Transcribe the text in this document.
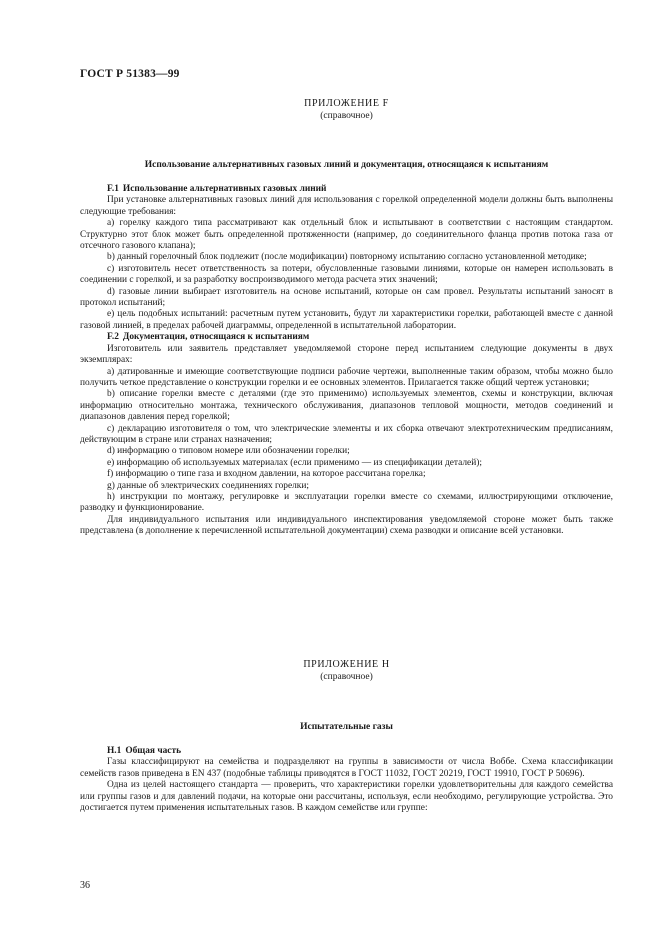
ГОСТ Р 51383—99
ПРИЛОЖЕНИЕ F
(справочное)
Использование альтернативных газовых линий и документация, относящаяся к испытаниям
F.1 Использование альтернативных газовых линий

При установке альтернативных газовых линий для использования с горелкой определенной модели должны быть выполнены следующие требования:

а) горелку каждого типа рассматривают как отдельный блок и испытывают в соответствии с настоящим стандартом. Структурно этот блок может быть определенной протяженности (например, до соединительного фланца против потока газа от отсечного газового клапана);

b) данный горелочный блок подлежит (после модификации) повторному испытанию согласно установленной методике;

с) изготовитель несет ответственность за потери, обусловленные газовыми линиями, которые он намерен использовать в соединении с горелкой, и за разработку воспроизводимого метода расчета этих значений;

d) газовые линии выбирает изготовитель на основе испытаний, которые он сам провел. Результаты испытаний заносят в протокол испытаний;

e) цель подобных испытаний: расчетным путем установить, будут ли характеристики горелки, работающей вместе с данной газовой линией, в пределах рабочей диаграммы, определенной в испытательной лаборатории.

F.2 Документация, относящаяся к испытаниям

Изготовитель или заявитель представляет уведомляемой стороне перед испытанием следующие документы в двух экземплярах:

а) датированные и имеющие соответствующие подписи рабочие чертежи, выполненные таким образом, чтобы можно было получить четкое представление о конструкции горелки и ее основных элементов. Прилагается также общий чертеж установки;

b) описание горелки вместе с деталями (где это применимо) используемых элементов, схемы и конструкции, включая информацию относительно монтажа, технического обслуживания, диапазонов тепловой мощности, методов соединений и диапазонов давления перед горелкой;

с) декларацию изготовителя о том, что электрические элементы и их сборка отвечают электротехническим предписаниям, действующим в стране или странах назначения;

d) информацию о типовом номере или обозначении горелки;

e) информацию об используемых материалах (если применимо — из спецификации деталей);

f) информацию о типе газа и входном давлении, на которое рассчитана горелка;

g) данные об электрических соединениях горелки;

h) инструкции по монтажу, регулировке и эксплуатации горелки вместе со схемами, иллюстрирующими отключение, разводку и функционирование.

Для индивидуального испытания или индивидуального инспектирования уведомляемой стороне может быть также представлена (в дополнение к перечисленной испытательной документации) схема разводки и описание всей установки.

ПРИЛОЖЕНИЕ H
(справочное)
Испытательные газы
H.1 Общая часть

Газы классифицируют на семейства и подразделяют на группы в зависимости от числа Воббе. Схема классификации семейств газов приведена в EN 437 (подобные таблицы приводятся в ГОСТ 11032, ГОСТ 20219, ГОСТ 19910, ГОСТ Р 50696).

Одна из целей настоящего стандарта — проверить, что характеристики горелки удовлетворительны для каждого семейства или группы газов и для давлений подачи, на которые они рассчитаны, используя, если необходимо, регулирующие устройства. Это достигается путем применения испытательных газов. В каждом семействе или группе:

36
